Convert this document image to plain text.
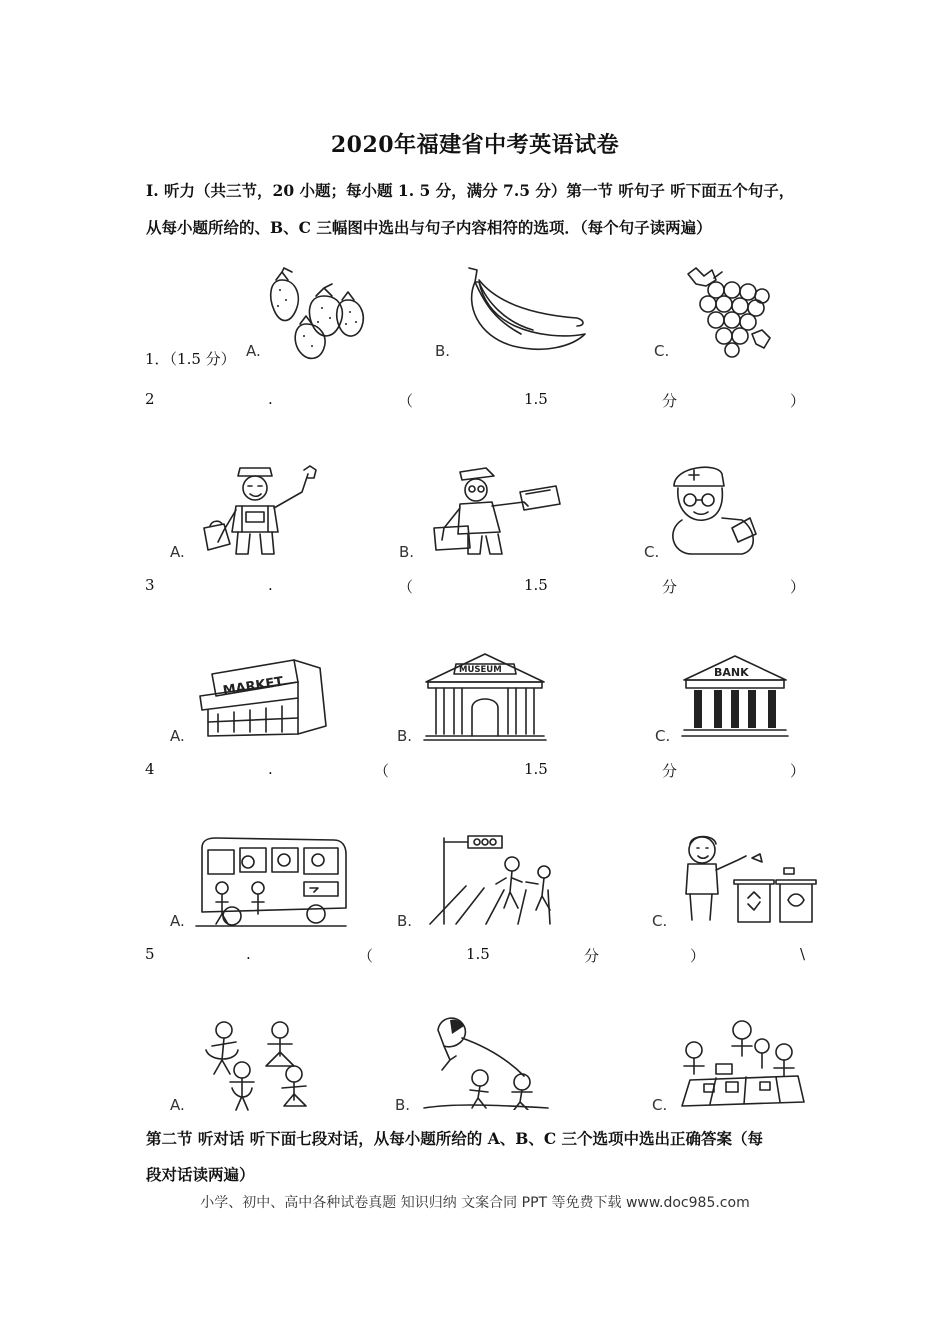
2020年福建省中考英语试卷
Ⅰ. 听力（共三节，20 小题；每小题 1. 5 分，满分 7.5 分）第一节 听句子 听下面五个句子，
从每小题所给的、B、C 三幅图中选出与句子内容相符的选项．（每个句子读两遍）
1．（1.5 分） A.	B.	C.
2	.	（	1.5	分	）
A.	B.	C.
3	.	（	1.5	分	）
MARKET
A.
MUSEUM
B.
BANK
C.
4	.	（	1.5	分	）
A.	B.	C.
5	.	（	1.5	分	）	\
A.	B.	C.
第二节 听对话 听下面七段对话，从每小题所给的 A、B、C 三个选项中选出正确答案（每
段对话读两遍）
小学、初中、高中各种试卷真题 知识归纳 文案合同 PPT 等免费下载 www.doc985.com
